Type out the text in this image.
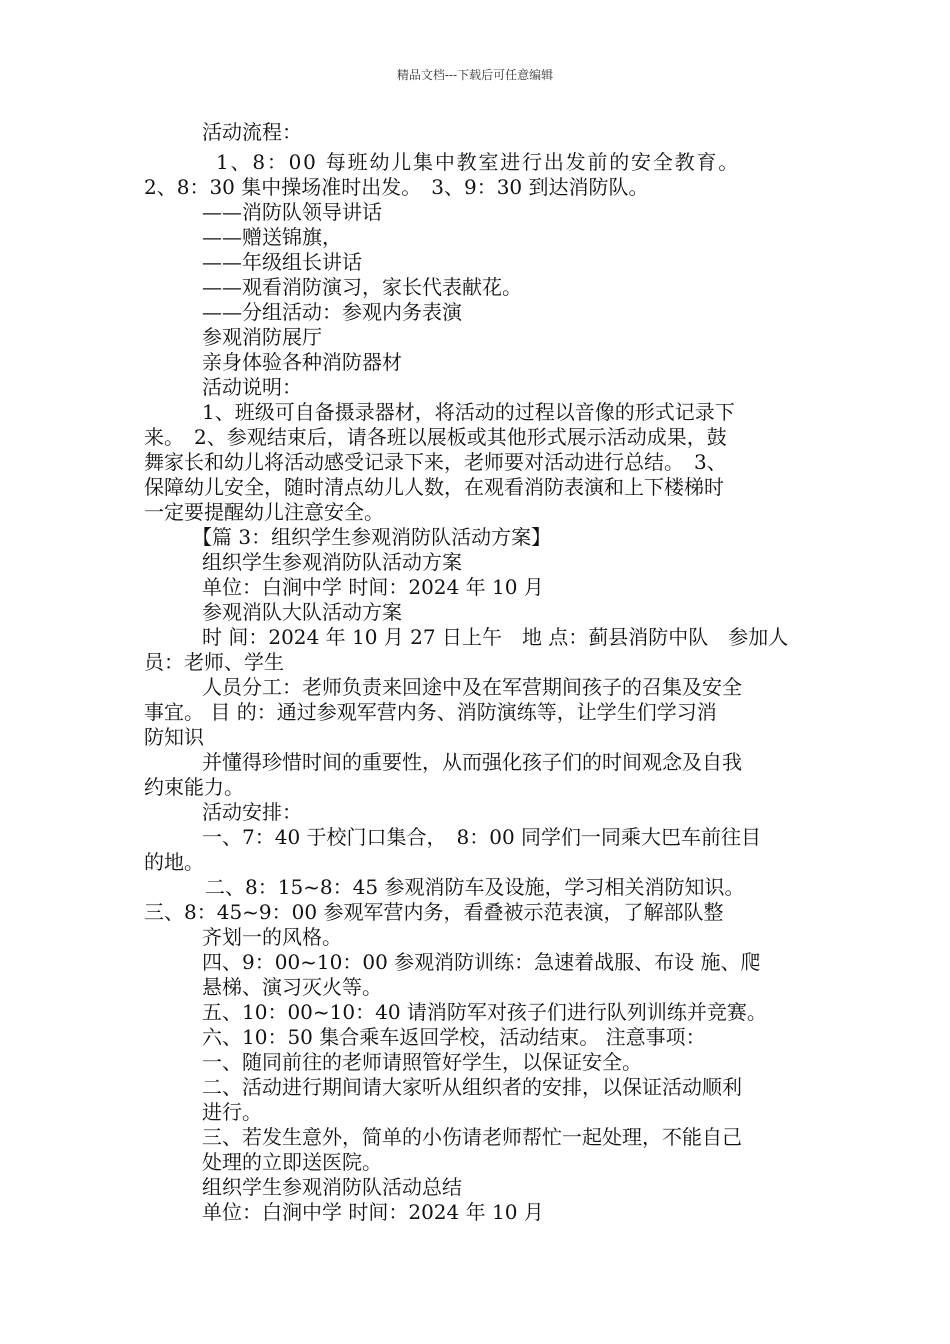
精品文档---下载后可任意编辑
活动流程：
1、8：00 每班幼儿集中教室进行出发前的安全教育。
2、8：30 集中操场准时出发。　3、9：30 到达消防队。
——消防队领导讲话
——赠送锦旗，
——年级组长讲话
——观看消防演习，家长代表献花。
——分组活动：参观内务表演
参观消防展厅
亲身体验各种消防器材
活动说明：
1、班级可自备摄录器材，将活动的过程以音像的形式记录下
来。　2、参观结束后，请各班以展板或其他形式展示活动成果，鼓
舞家长和幼儿将活动感受记录下来，老师要对活动进行总结。　3、
保障幼儿安全，随时清点幼儿人数，在观看消防表演和上下楼梯时
一定要提醒幼儿注意安全。
【篇 3：组织学生参观消防队活动方案】
组织学生参观消防队活动方案
单位：白涧中学 时间：2024 年 10 月
参观消队大队活动方案
时 间：2024 年 10 月 27 日上午　地 点：蓟县消防中队　参加人
员：老师、学生
人员分工：老师负责来回途中及在军营期间孩子的召集及安全
事宜。 目 的：通过参观军营内务、消防演练等，让学生们学习消
防知识
并懂得珍惜时间的重要性，从而强化孩子们的时间观念及自我
约束能力。
活动安排：
一、7：40 于校门口集合，　8：00 同学们一同乘大巴车前往目
的地。
二、8：15~8：45 参观消防车及设施，学习相关消防知识。
三、8：45~9：00 参观军营内务，看叠被示范表演，了解部队整
齐划一的风格。
四、9：00~10：00 参观消防训练：急速着战服、布设 施、爬
悬梯、演习灭火等。
五、10：00~10：40 请消防军对孩子们进行队列训练并竞赛。
六、10：50 集合乘车返回学校，活动结束。 注意事项：
一、随同前往的老师请照管好学生，以保证安全。
二、活动进行期间请大家听从组织者的安排，以保证活动顺利
进行。
三、若发生意外，简单的小伤请老师帮忙一起处理，不能自己
处理的立即送医院。
组织学生参观消防队活动总结
单位：白涧中学 时间：2024 年 10 月
